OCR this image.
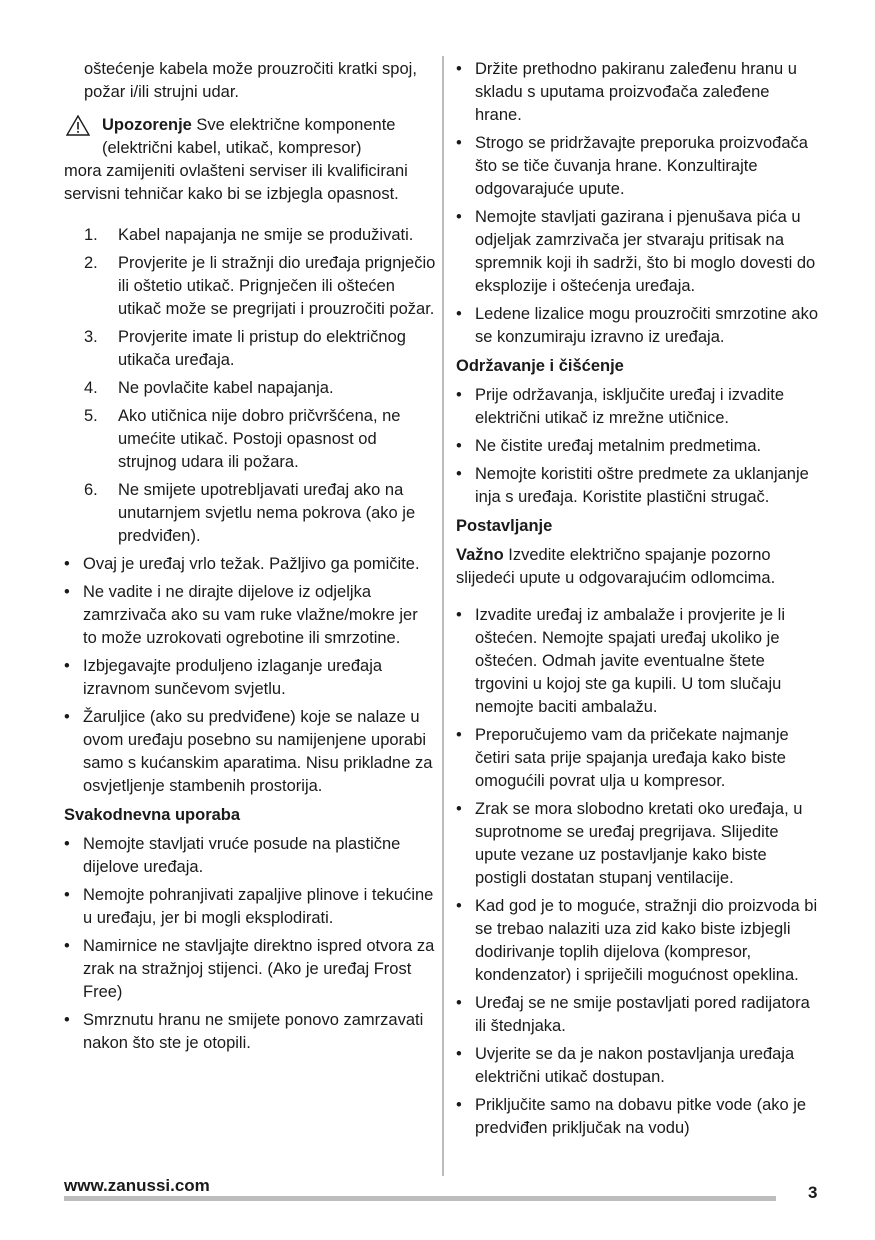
oštećenje kabela može prouzročiti kratki spoj, požar i/ili strujni udar.

Upozorenje Sve električne komponente
(električni kabel, utikač, kompresor)
mora zamijeniti ovlašteni serviser ili kvalificirani servisni tehničar kako bi se izbjegla opasnost.
1. Kabel napajanja ne smije se produživati.
2. Provjerite je li stražnji dio uređaja prignječio ili oštetio utikač. Prignječen ili oštećen utikač može se pregrijati i prouzročiti požar.
3. Provjerite imate li pristup do električnog utikača uređaja.
4. Ne povlačite kabel napajanja.
5. Ako utičnica nije dobro pričvršćena, ne umećite utikač. Postoji opasnost od strujnog udara ili požara.
6. Ne smijete upotrebljavati uređaj ako na unutarnjem svjetlu nema pokrova (ako je predviđen).
• Ovaj je uređaj vrlo težak. Pažljivo ga pomičite.
• Ne vadite i ne dirajte dijelove iz odjeljka zamrzivača ako su vam ruke vlažne/mokre jer to može uzrokovati ogrebotine ili smrzotine.
• Izbjegavajte produljeno izlaganje uređaja izravnom sunčevom svjetlu.
• Žaruljice (ako su predviđene) koje se nalaze u ovom uređaju posebno su namijenjene uporabi samo s kućanskim aparatima. Nisu prikladne za osvjetljenje stambenih prostorija.
Svakodnevna uporaba
• Nemojte stavljati vruće posude na plastične dijelove uređaja.
• Nemojte pohranjivati zapaljive plinove i tekućine u uređaju, jer bi mogli eksplodirati.
• Namirnice ne stavljajte direktno ispred otvora za zrak na stražnjoj stijenci. (Ako je uređaj Frost Free)
• Smrznutu hranu ne smijete ponovo zamrzavati nakon što ste je otopili.
• Držite prethodno pakiranu zaleđenu hranu u skladu s uputama proizvođača zaleđene hrane.
• Strogo se pridržavajte preporuka proizvođača što se tiče čuvanja hrane. Konzultirajte odgovarajuće upute.
• Nemojte stavljati gazirana i pjenušava pića u odjeljak zamrzivača jer stvaraju pritisak na spremnik koji ih sadrži, što bi moglo dovesti do eksplozije i oštećenja uređaja.
• Ledene lizalice mogu prouzročiti smrzotine ako se konzumiraju izravno iz uređaja.
Održavanje i čišćenje
• Prije održavanja, isključite uređaj i izvadite električni utikač iz mrežne utičnice.
• Ne čistite uređaj metalnim predmetima.
• Nemojte koristiti oštre predmete za uklanjanje inja s uređaja. Koristite plastični strugač.
Postavljanje

Važno Izvedite električno spajanje pozorno slijedeći upute u odgovarajućim odlomcima.

• Izvadite uređaj iz ambalaže i provjerite je li oštećen. Nemojte spajati uređaj ukoliko je oštećen. Odmah javite eventualne štete trgovini u kojoj ste ga kupili. U tom slučaju nemojte baciti ambalažu.
• Preporučujemo vam da pričekate najmanje četiri sata prije spajanja uređaja kako biste omogućili povrat ulja u kompresor.
• Zrak se mora slobodno kretati oko uređaja, u suprotnome se uređaj pregrijava. Slijedite upute vezane uz postavljanje kako biste postigli dostatan stupanj ventilacije.
• Kad god je to moguće, stražnji dio proizvoda bi se trebao nalaziti uza zid kako biste izbjegli dodirivanje toplih dijelova (kompresor, kondenzator) i spriječili mogućnost opeklina.
• Uređaj se ne smije postavljati pored radijatora ili štednjaka.
• Uvjerite se da je nakon postavljanja uređaja električni utikač dostupan.
• Priključite samo na dobavu pitke vode (ako je predviđen priključak na vodu)
www.zanussi.com	3
